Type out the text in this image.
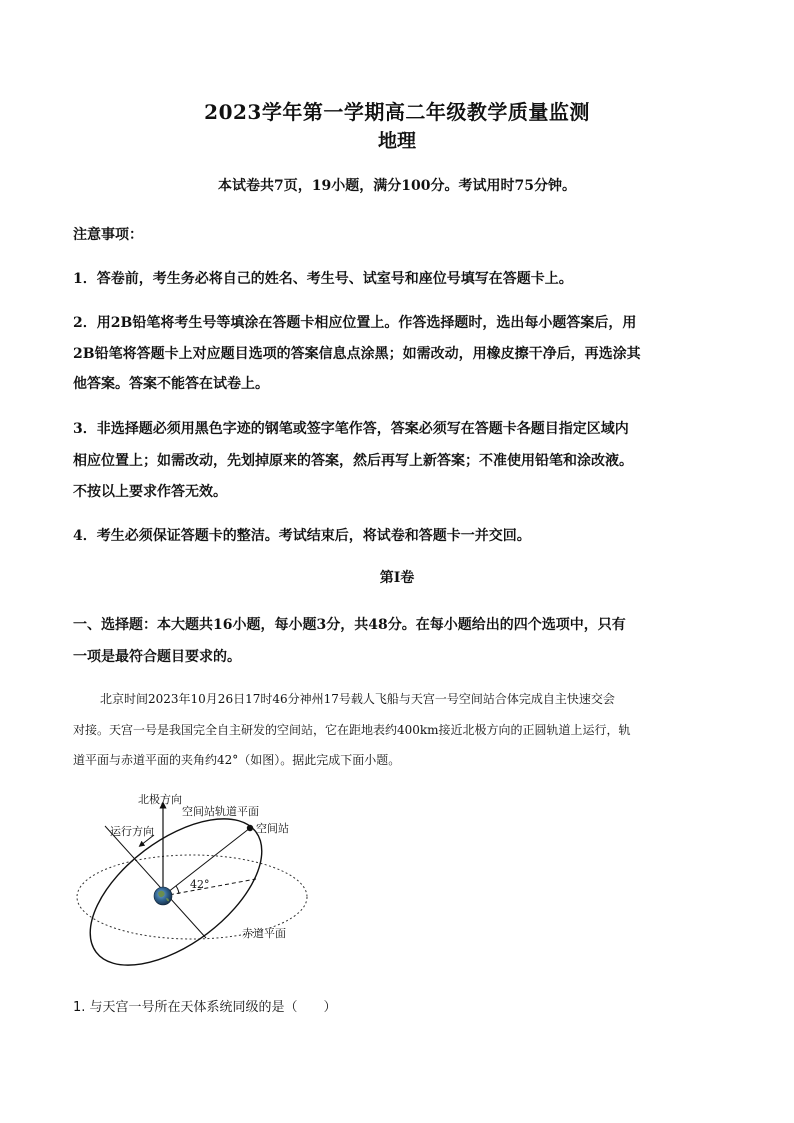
2023学年第一学期高二年级教学质量监测
地理
本试卷共7页，19小题，满分100分。考试用时75分钟。
注意事项：
1．答卷前，考生务必将自己的姓名、考生号、试室号和座位号填写在答题卡上。
2．用2B铅笔将考生号等填涂在答题卡相应位置上。作答选择题时，选出每小题答案后，用
2B铅笔将答题卡上对应题目选项的答案信息点涂黑；如需改动，用橡皮擦干净后，再选涂其
他答案。答案不能答在试卷上。
3．非选择题必须用黑色字迹的钢笔或签字笔作答，答案必须写在答题卡各题目指定区域内
相应位置上；如需改动，先划掉原来的答案，然后再写上新答案；不准使用铅笔和涂改液。
不按以上要求作答无效。
4．考生必须保证答题卡的整洁。考试结束后，将试卷和答题卡一并交回。
第Ⅰ卷
一、选择题：本大题共16小题，每小题3分，共48分。在每小题给出的四个选项中，只有
一项是最符合题目要求的。
北京时间2023年10月26日17时46分神州17号载人飞船与天宫一号空间站合体完成自主快速交会
对接。天宫一号是我国完全自主研发的空间站，它在距地表约400km接近北极方向的正圆轨道上运行，轨
道平面与赤道平面的夹角约42°（如图）。据此完成下面小题。
北极方向
空间站轨道平面
空间站
运行方向
42°
赤道平面
1. 与天宫一号所在天体系统同级的是（　　）
